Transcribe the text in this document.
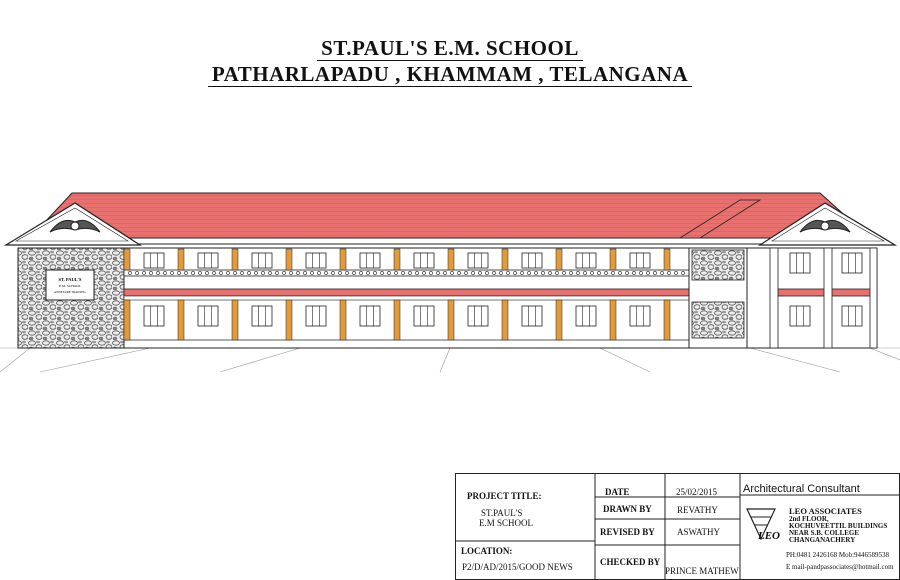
ST.PAUL'S E.M. SCHOOL
PATHARLAPADU , KHAMMAM , TELANGANA
ST. PAUL'S
E.M. SCHOOL
ANNEXURE TRAINING
PROJECT TITLE:
ST.PAUL'S
E.M SCHOOL
LOCATION:
P2/D/AD/2015/GOOD NEWS
DATE	25/02/2015
DRAWN BY	REVATHY
REVISED BY ASWATHY
CHECKED BY
PRINCE MATHEW
Architectural Consultant
LEO
LEO ASSOCIATES
2nd FLOOR,
KOCHUVEETTIL BUILDINGS
NEAR S.B. COLLEGE
CHANGANACHERY
PH:0481 2426168 Mob:9446589538
E mail-pandpassociates@hotmail.com
